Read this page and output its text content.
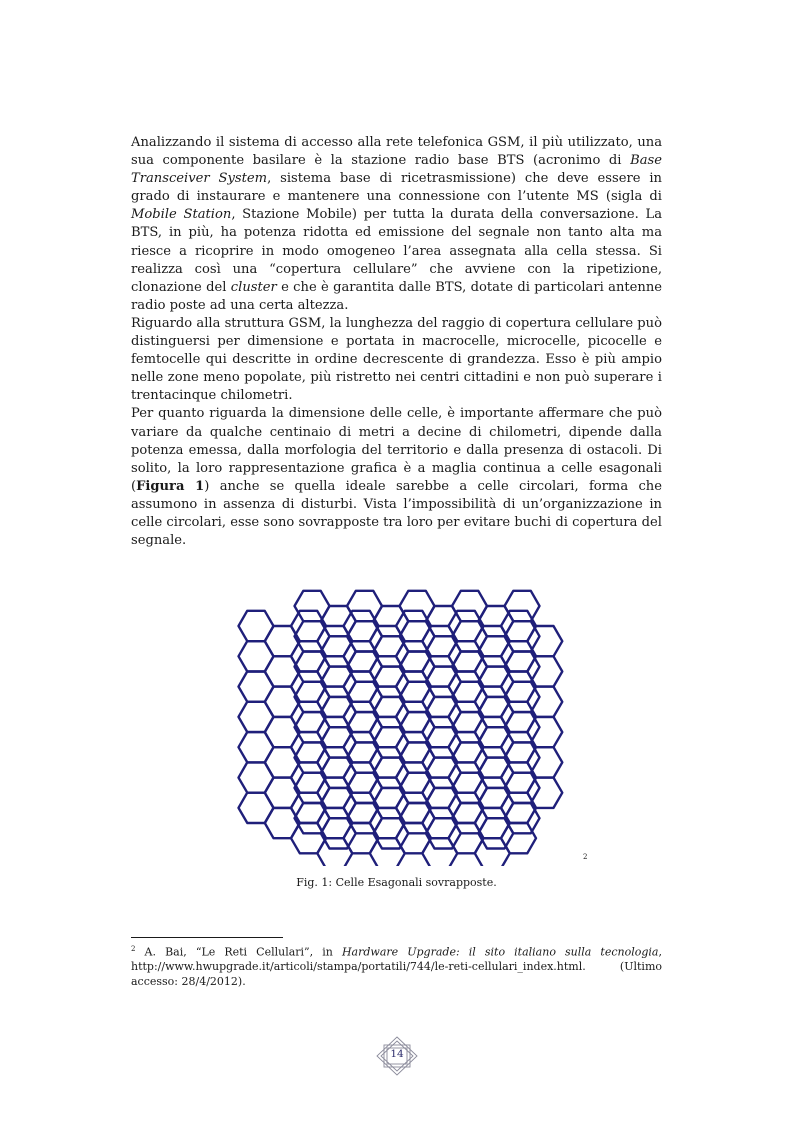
Analizzando il sistema di accesso alla rete telefonica GSM, il più utilizzato, una sua componente basilare è la stazione radio base BTS (acronimo di Base Transceiver System, sistema base di ricetrasmissione) che deve essere in grado di instaurare e mantenere una connessione con l’utente MS (sigla di Mobile Station, Stazione Mobile) per tutta la durata della conversazione. La BTS, in più, ha potenza ridotta ed emissione del segnale non tanto alta ma riesce a ricoprire in modo omogeneo l’area assegnata alla cella stessa. Si realizza così una “copertura cellulare” che avviene con la ripetizione, clonazione del cluster e che è garantita dalle BTS, dotate di particolari antenne radio poste ad una certa altezza.

Riguardo alla struttura GSM, la lunghezza del raggio di copertura cellulare può distinguersi per dimensione e portata in macrocelle, microcelle, picocelle e femtocelle qui descritte in ordine decrescente di grandezza. Esso è più ampio nelle zone meno popolate, più ristretto nei centri cittadini e non può superare i trentacinque chilometri.

Per quanto riguarda la dimensione delle celle, è importante affermare che può variare da qualche centinaio di metri a decine di chilometri, dipende dalla potenza emessa, dalla morfologia del territorio e dalla presenza di ostacoli. Di solito, la loro rappresentazione grafica è a maglia continua a celle esagonali (Figura 1) anche se quella ideale sarebbe a celle circolari, forma che assumono in assenza di disturbi. Vista l’impossibilità di un’organizzazione in celle circolari, esse sono sovrapposte tra loro per evitare buchi di copertura del segnale.

2
Fig. 1: Celle Esagonali sovrapposte.
$^2$ A. Bai, “Le Reti Cellulari”, in Hardware Upgrade: il sito italiano sulla tecnologia, http://www.hwupgrade.it/articoli/stampa/portatili/744/le-reti-cellulari_index.html. (Ultimo accesso: 28/4/2012).
14
